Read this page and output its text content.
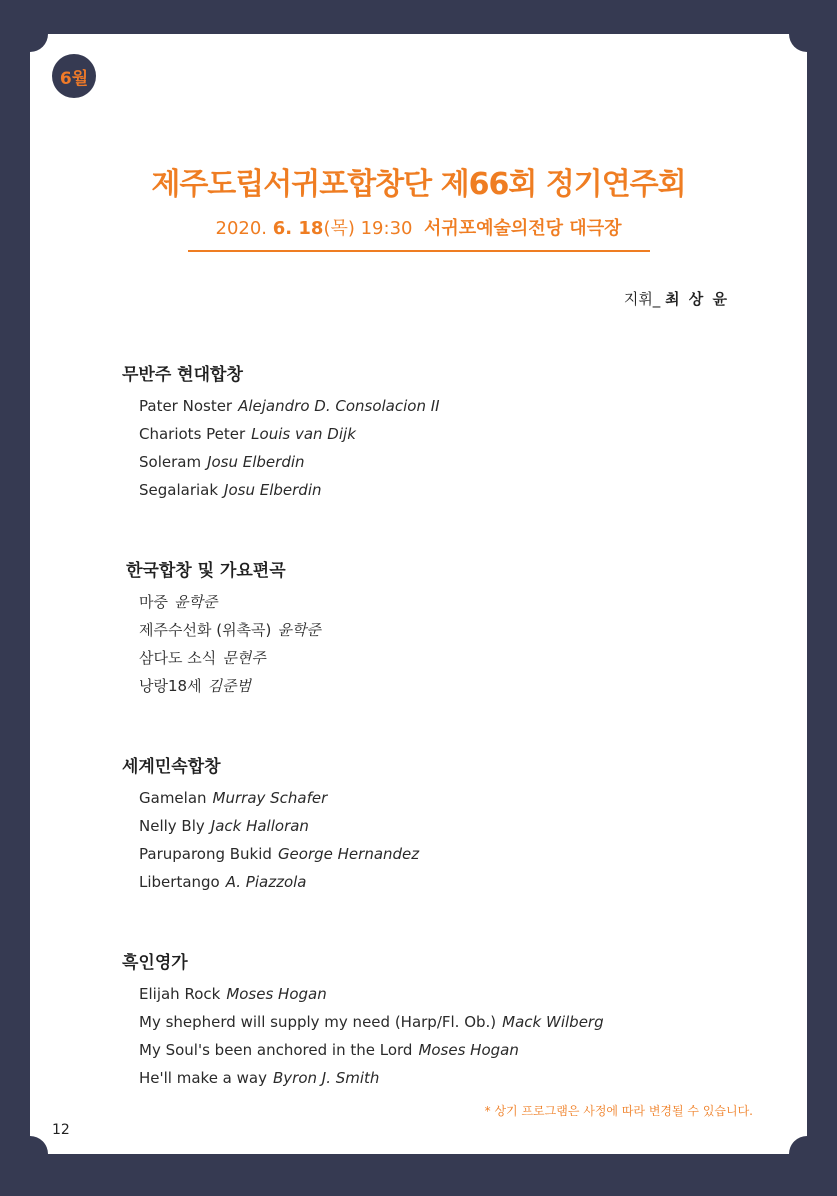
6월
제주도립서귀포합창단 제66회 정기연주회
2020. 6. 18(목) 19:30 서귀포예술의전당 대극장
지휘_ 최 상 윤
무반주 현대합창
Pater Noster Alejandro D. Consolacion II
Chariots Peter Louis van Dijk
Soleram Josu Elberdin
Segalariak Josu Elberdin
한국합창 및 가요편곡
마중 윤학준
제주수선화 (위촉곡) 윤학준
삼다도 소식 문현주
낭랑18세 김준범
세계민속합창
Gamelan Murray Schafer
Nelly Bly Jack Halloran
Paruparong Bukid George Hernandez
Libertango A. Piazzola
흑인영가
Elijah Rock Moses Hogan
My shepherd will supply my need (Harp/Fl. Ob.) Mack Wilberg
My Soul's been anchored in the Lord Moses Hogan
He'll make a way Byron J. Smith
* 상기 프로그램은 사정에 따라 변경될 수 있습니다.
12
